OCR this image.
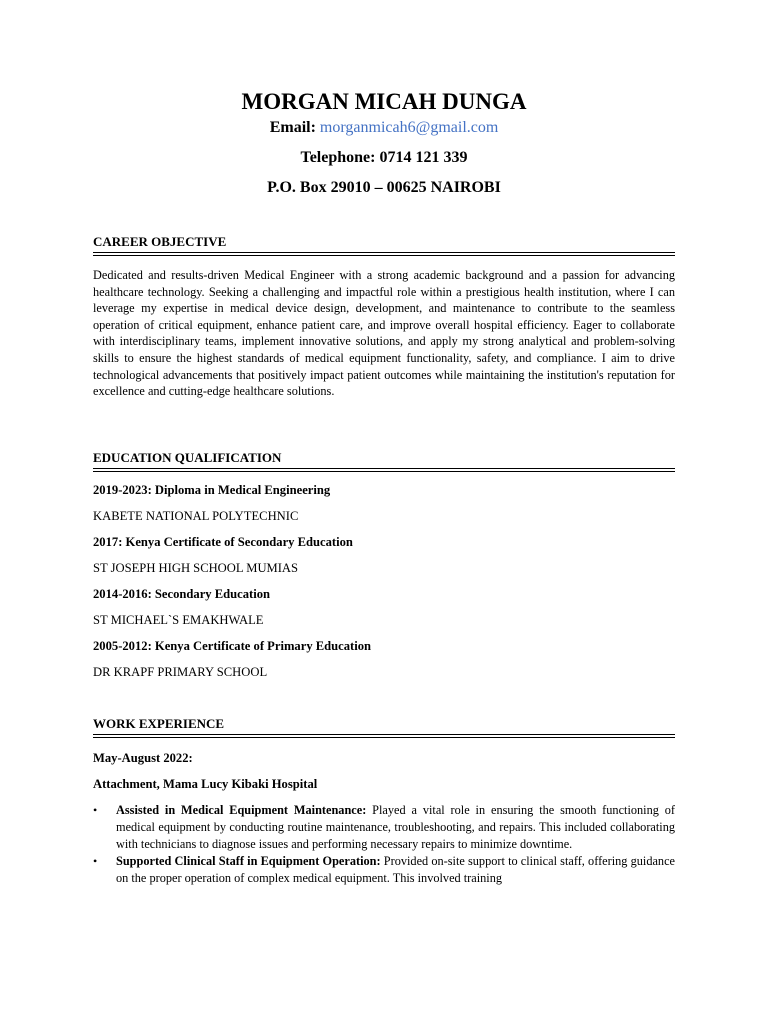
MORGAN MICAH DUNGA
Email: morganmicah6@gmail.com
Telephone: 0714 121 339
P.O. Box 29010 – 00625 NAIROBI
CAREER OBJECTIVE

Dedicated and results-driven Medical Engineer with a strong academic background and a passion for advancing healthcare technology. Seeking a challenging and impactful role within a prestigious health institution, where I can leverage my expertise in medical device design, development, and maintenance to contribute to the seamless operation of critical equipment, enhance patient care, and improve overall hospital efficiency. Eager to collaborate with interdisciplinary teams, implement innovative solutions, and apply my strong analytical and problem-solving skills to ensure the highest standards of medical equipment functionality, safety, and compliance. I aim to drive technological advancements that positively impact patient outcomes while maintaining the institution's reputation for excellence and cutting-edge healthcare solutions.

EDUCATION QUALIFICATION
2019-2023: Diploma in Medical Engineering
KABETE NATIONAL POLYTECHNIC
2017: Kenya Certificate of Secondary Education
ST JOSEPH HIGH SCHOOL MUMIAS
2014-2016: Secondary Education
ST MICHAEL`S EMAKHWALE
2005-2012: Kenya Certificate of Primary Education
DR KRAPF PRIMARY SCHOOL
WORK EXPERIENCE
May-August 2022:
Attachment, Mama Lucy Kibaki Hospital
• Assisted in Medical Equipment Maintenance: Played a vital role in ensuring the smooth functioning of medical equipment by conducting routine maintenance, troubleshooting, and repairs. This included collaborating with technicians to diagnose issues and performing necessary repairs to minimize downtime.
• Supported Clinical Staff in Equipment Operation: Provided on-site support to clinical staff, offering guidance on the proper operation of complex medical equipment. This involved training
